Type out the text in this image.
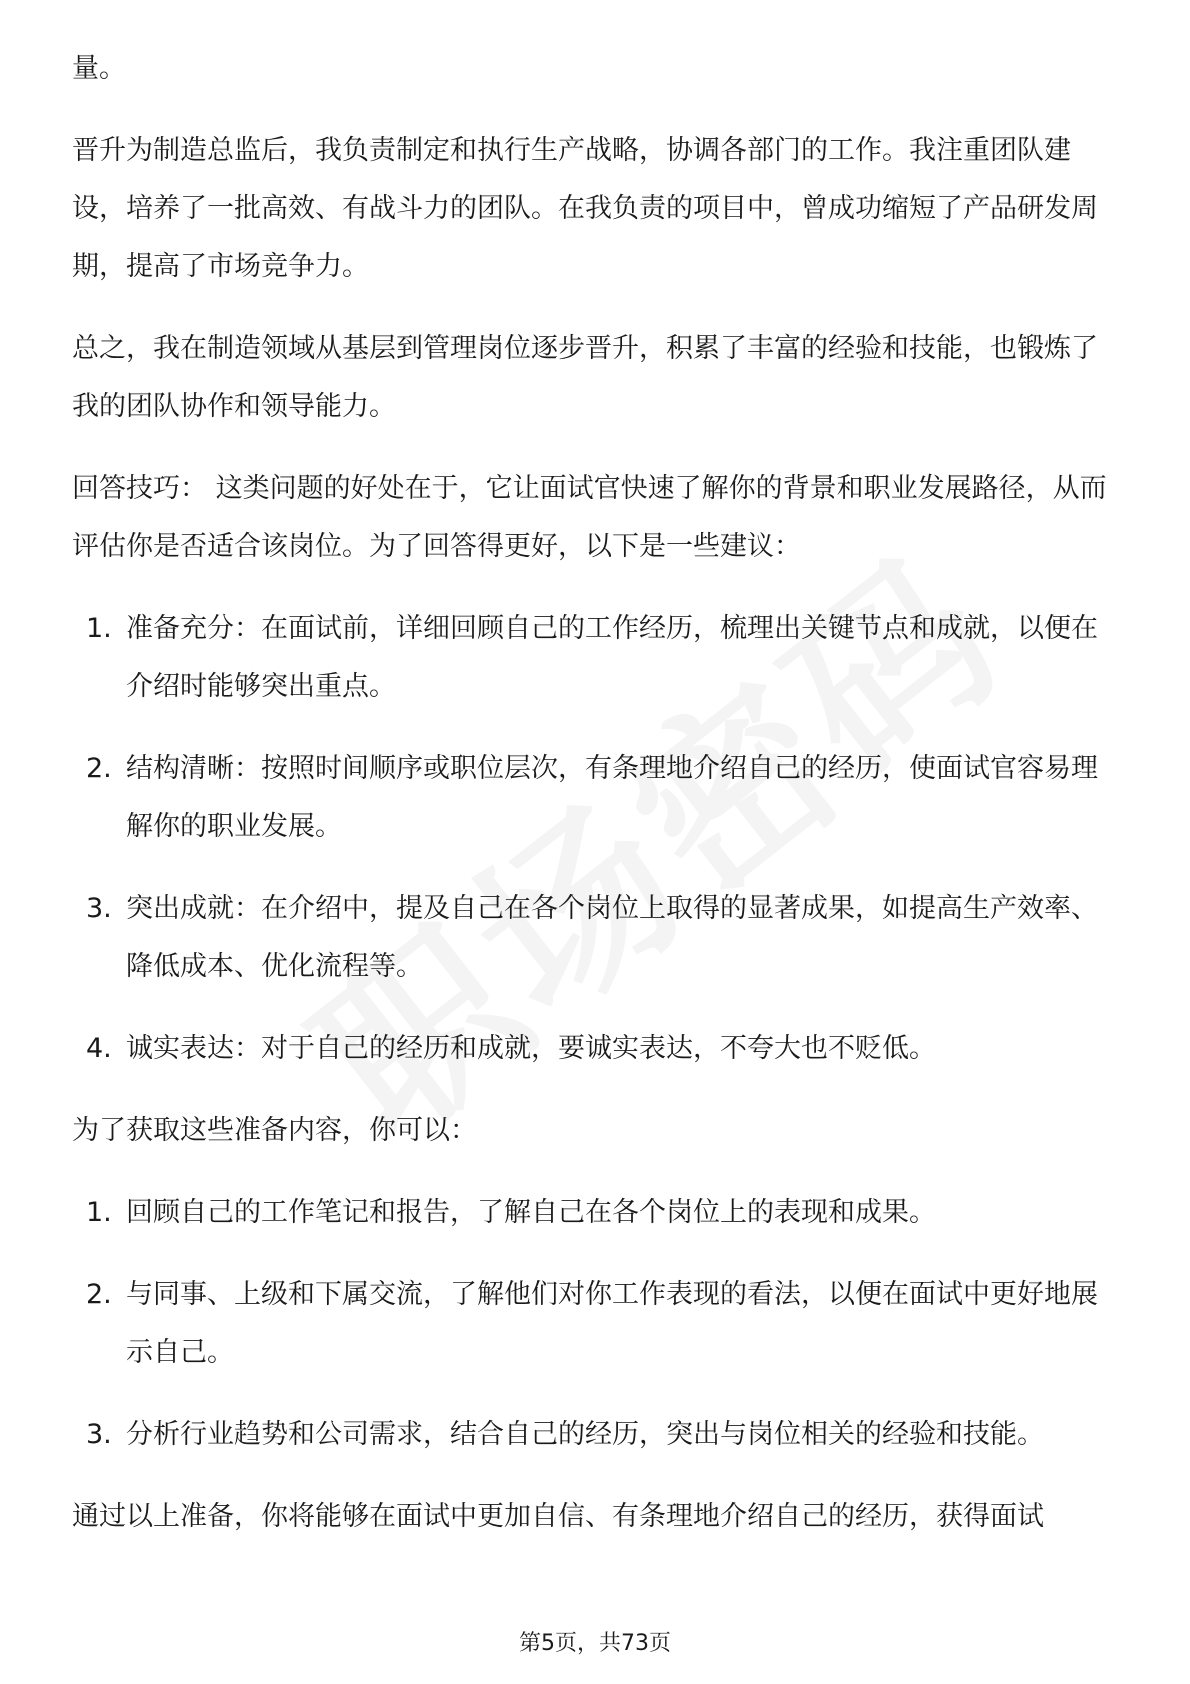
量。

晋升为制造总监后，我负责制定和执行生产战略，协调各部门的工作。我注重团队建设，培养了一批高效、有战斗力的团队。在我负责的项目中，曾成功缩短了产品研发周期，提高了市场竞争力。

总之，我在制造领域从基层到管理岗位逐步晋升，积累了丰富的经验和技能，也锻炼了我的团队协作和领导能力。

回答技巧： 这类问题的好处在于，它让面试官快速了解你的背景和职业发展路径，从而评估你是否适合该岗位。为了回答得更好，以下是一些建议：

1. 准备充分：在面试前，详细回顾自己的工作经历，梳理出关键节点和成就，以便在介绍时能够突出重点。
2. 结构清晰：按照时间顺序或职位层次，有条理地介绍自己的经历，使面试官容易理解你的职业发展。
3. 突出成就：在介绍中，提及自己在各个岗位上取得的显著成果，如提高生产效率、降低成本、优化流程等。
4. 诚实表达：对于自己的经历和成就，要诚实表达，不夸大也不贬低。

为了获取这些准备内容，你可以：

1. 回顾自己的工作笔记和报告，了解自己在各个岗位上的表现和成果。
2. 与同事、上级和下属交流，了解他们对你工作表现的看法，以便在面试中更好地展示自己。
3. 分析行业趋势和公司需求，结合自己的经历，突出与岗位相关的经验和技能。

通过以上准备，你将能够在面试中更加自信、有条理地介绍自己的经历，获得面试

第5页，共73页
